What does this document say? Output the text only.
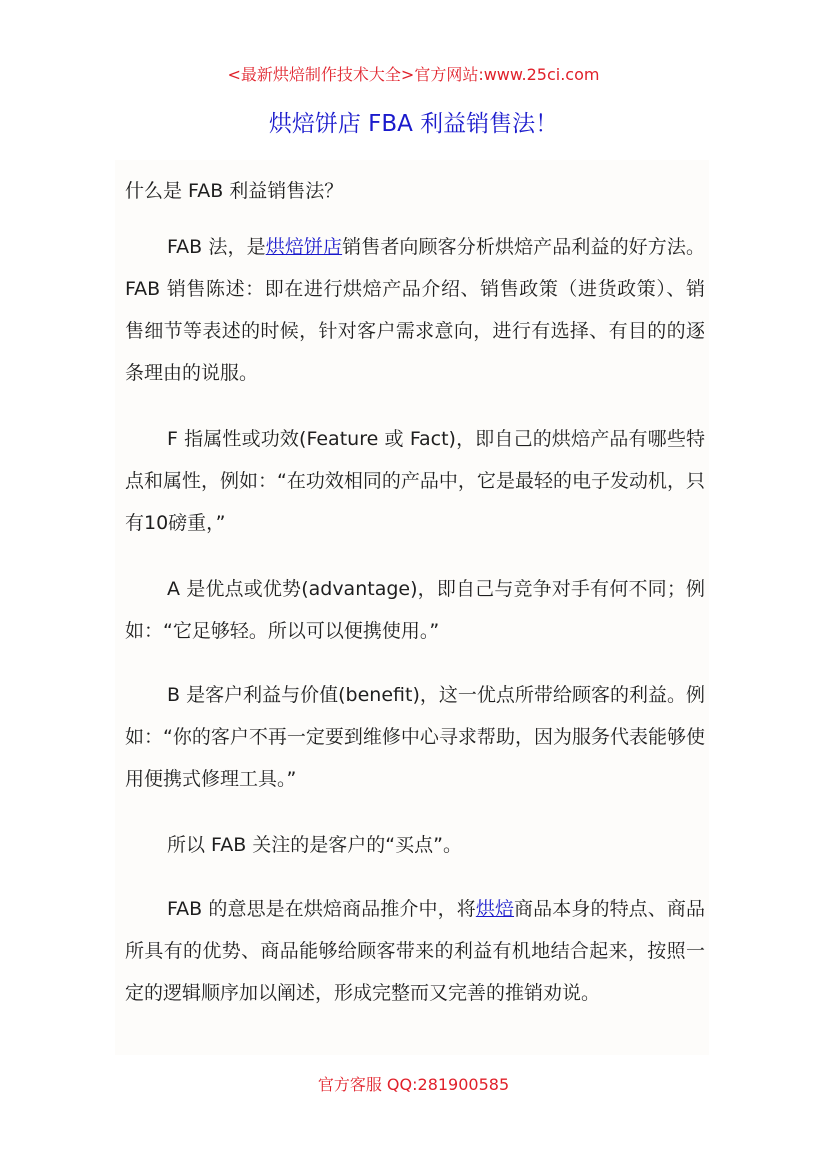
<最新烘焙制作技术大全>官方网站:www.25ci.com
烘焙饼店 FBA 利益销售法！

什么是 FAB 利益销售法？

FAB 法，是烘焙饼店销售者向顾客分析烘焙产品利益的好方法。FAB 销售陈述：即在进行烘焙产品介绍、销售政策（进货政策）、销售细节等表述的时候，针对客户需求意向，进行有选择、有目的的逐条理由的说服。

F 指属性或功效(Feature 或 Fact)，即自己的烘焙产品有哪些特点和属性，例如：“在功效相同的产品中，它是最轻的电子发动机，只有10磅重，”

A 是优点或优势(advantage)，即自己与竞争对手有何不同；例如：“它足够轻。所以可以便携使用。”

B 是客户利益与价值(benefit)，这一优点所带给顾客的利益。例如：“你的客户不再一定要到维修中心寻求帮助，因为服务代表能够使用便携式修理工具。”

所以 FAB 关注的是客户的“买点”。

FAB 的意思是在烘焙商品推介中，将烘焙商品本身的特点、商品所具有的优势、商品能够给顾客带来的利益有机地结合起来，按照一定的逻辑顺序加以阐述，形成完整而又完善的推销劝说。

官方客服 QQ:281900585
